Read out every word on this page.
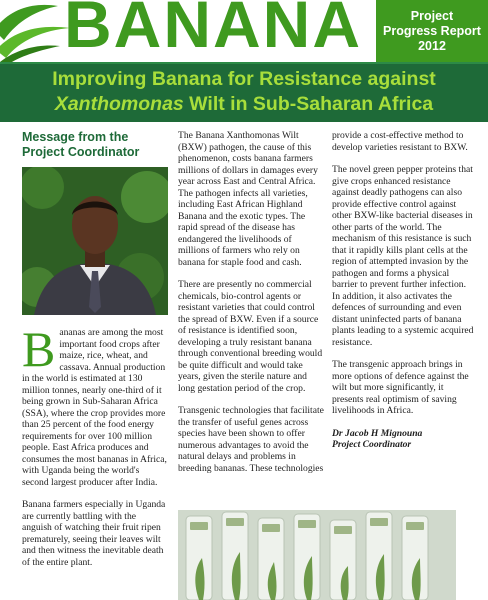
BANANA	Project
Progress Report
2012
Improving Banana for Resistance against
Xanthomonas Wilt in Sub-Saharan Africa
Message from the Project Coordinator
B ananas are among the most important food crops after maize, rice, wheat, and cassava. Annual production in the world is estimated at 130 million tonnes, nearly one-third of it being grown in Sub-Saharan Africa (SSA), where the crop provides more than 25 percent of the food energy requirements for over 100 million people. East Africa produces and consumes the most bananas in Africa, with Uganda being the world's second largest producer after India.

Banana farmers especially in Uganda are currently battling with the anguish of watching their fruit ripen prematurely, seeing their leaves wilt and then witness the inevitable death of the entire plant.

The Banana Xanthomonas Wilt (BXW) pathogen, the cause of this phenomenon, costs banana farmers millions of dollars in damages every year across East and Central Africa. The pathogen infects all varieties, including East African Highland Banana and the exotic types. The rapid spread of the disease has endangered the livelihoods of millions of farmers who rely on banana for staple food and cash.

There are presently no commercial chemicals, bio-control agents or resistant varieties that could control the spread of BXW. Even if a source of resistance is identified soon, developing a truly resistant banana through conventional breeding would be quite difficult and would take years, given the sterile nature and long gestation period of the crop.

Transgenic technologies that facilitate the transfer of useful genes across species have been shown to offer numerous advantages to avoid the natural delays and problems in breeding bananas. These technologies

provide a cost-effective method to develop varieties resistant to BXW.

The novel green pepper proteins that give crops enhanced resistance against deadly pathogens can also provide effective control against other BXW-like bacterial diseases in other parts of the world. The mechanism of this resistance is such that it rapidly kills plant cells at the region of attempted invasion by the pathogen and forms a physical barrier to prevent further infection. In addition, it also activates the defences of surrounding and even distant uninfected parts of banana plants leading to a systemic acquired resistance.

The transgenic approach brings in more options of defence against the wilt but more significantly, it presents real optimism of saving livelihoods in Africa.

Dr Jacob H Mignouna
Project Coordinator
